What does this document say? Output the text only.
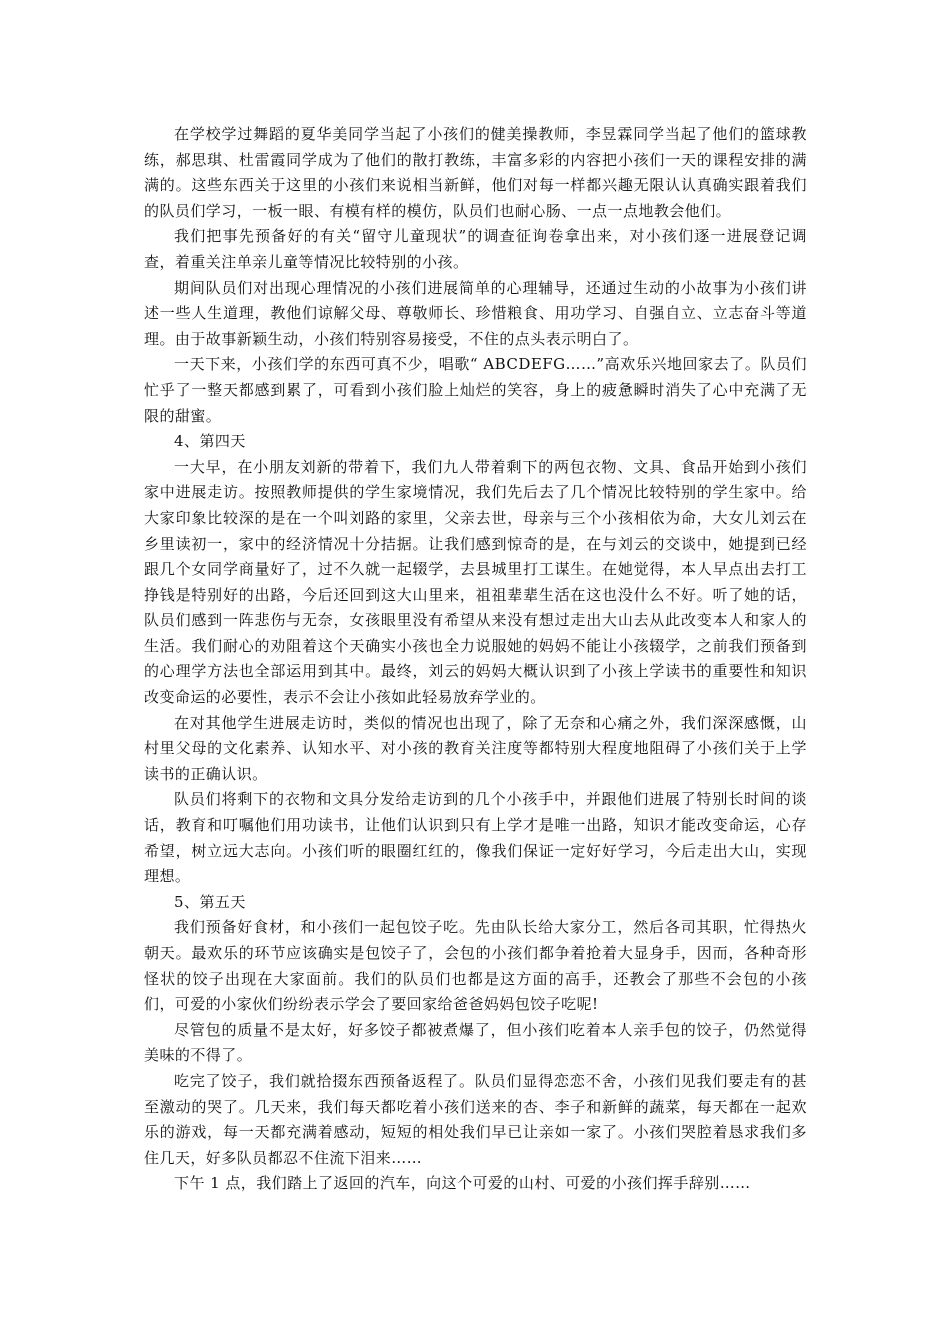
在学校学过舞蹈的夏华美同学当起了小孩们的健美操教师，李昱霖同学当起了他们的篮球教练，郝思琪、杜雷霞同学成为了他们的散打教练，丰富多彩的内容把小孩们一天的课程安排的满满的。这些东西关于这里的小孩们来说相当新鲜，他们对每一样都兴趣无限认认真确实跟着我们的队员们学习，一板一眼、有模有样的模仿，队员们也耐心肠、一点一点地教会他们。

我们把事先预备好的有关“留守儿童现状”的调查征询卷拿出来，对小孩们逐一进展登记调查，着重关注单亲儿童等情况比较特别的小孩。

期间队员们对出现心理情况的小孩们进展简单的心理辅导，还通过生动的小故事为小孩们讲述一些人生道理，教他们谅解父母、尊敬师长、珍惜粮食、用功学习、自强自立、立志奋斗等道理。由于故事新颖生动，小孩们特别容易接受，不住的点头表示明白了。

一天下来，小孩们学的东西可真不少，唱歌“ ABCDEFG……”高欢乐兴地回家去了。队员们忙乎了一整天都感到累了，可看到小孩们脸上灿烂的笑容，身上的疲惫瞬时消失了心中充满了无限的甜蜜。

4、第四天

一大早，在小朋友刘新的带着下，我们九人带着剩下的两包衣物、文具、食品开始到小孩们家中进展走访。按照教师提供的学生家境情况，我们先后去了几个情况比较特别的学生家中。给大家印象比较深的是在一个叫刘路的家里，父亲去世，母亲与三个小孩相依为命，大女儿刘云在乡里读初一，家中的经济情况十分拮据。让我们感到惊奇的是，在与刘云的交谈中，她提到已经跟几个女同学商量好了，过不久就一起辍学，去县城里打工谋生。在她觉得，本人早点出去打工挣钱是特别好的出路，今后还回到这大山里来，祖祖辈辈生活在这也没什么不好。听了她的话，队员们感到一阵悲伤与无奈，女孩眼里没有希望从来没有想过走出大山去从此改变本人和家人的生活。我们耐心的劝阻着这个天确实小孩也全力说服她的妈妈不能让小孩辍学，之前我们预备到的心理学方法也全部运用到其中。最终，刘云的妈妈大概认识到了小孩上学读书的重要性和知识改变命运的必要性，表示不会让小孩如此轻易放弃学业的。

在对其他学生进展走访时，类似的情况也出现了，除了无奈和心痛之外，我们深深感慨，山村里父母的文化素养、认知水平、对小孩的教育关注度等都特别大程度地阻碍了小孩们关于上学读书的正确认识。

队员们将剩下的衣物和文具分发给走访到的几个小孩手中，并跟他们进展了特别长时间的谈话，教育和叮嘱他们用功读书，让他们认识到只有上学才是唯一出路，知识才能改变命运，心存希望，树立远大志向。小孩们听的眼圈红红的，像我们保证一定好好学习，今后走出大山，实现理想。

5、第五天

我们预备好食材，和小孩们一起包饺子吃。先由队长给大家分工，然后各司其职，忙得热火朝天。最欢乐的环节应该确实是包饺子了，会包的小孩们都争着抢着大显身手，因而，各种奇形怪状的饺子出现在大家面前。我们的队员们也都是这方面的高手，还教会了那些不会包的小孩们，可爱的小家伙们纷纷表示学会了要回家给爸爸妈妈包饺子吃呢!

尽管包的质量不是太好，好多饺子都被煮爆了，但小孩们吃着本人亲手包的饺子，仍然觉得美味的不得了。

吃完了饺子，我们就拾掇东西预备返程了。队员们显得恋恋不舍，小孩们见我们要走有的甚至激动的哭了。几天来，我们每天都吃着小孩们送来的杏、李子和新鲜的蔬菜，每天都在一起欢乐的游戏，每一天都充满着感动，短短的相处我们早已让亲如一家了。小孩们哭腔着恳求我们多住几天，好多队员都忍不住流下泪来……

下午 1 点，我们踏上了返回的汽车，向这个可爱的山村、可爱的小孩们挥手辞别……
